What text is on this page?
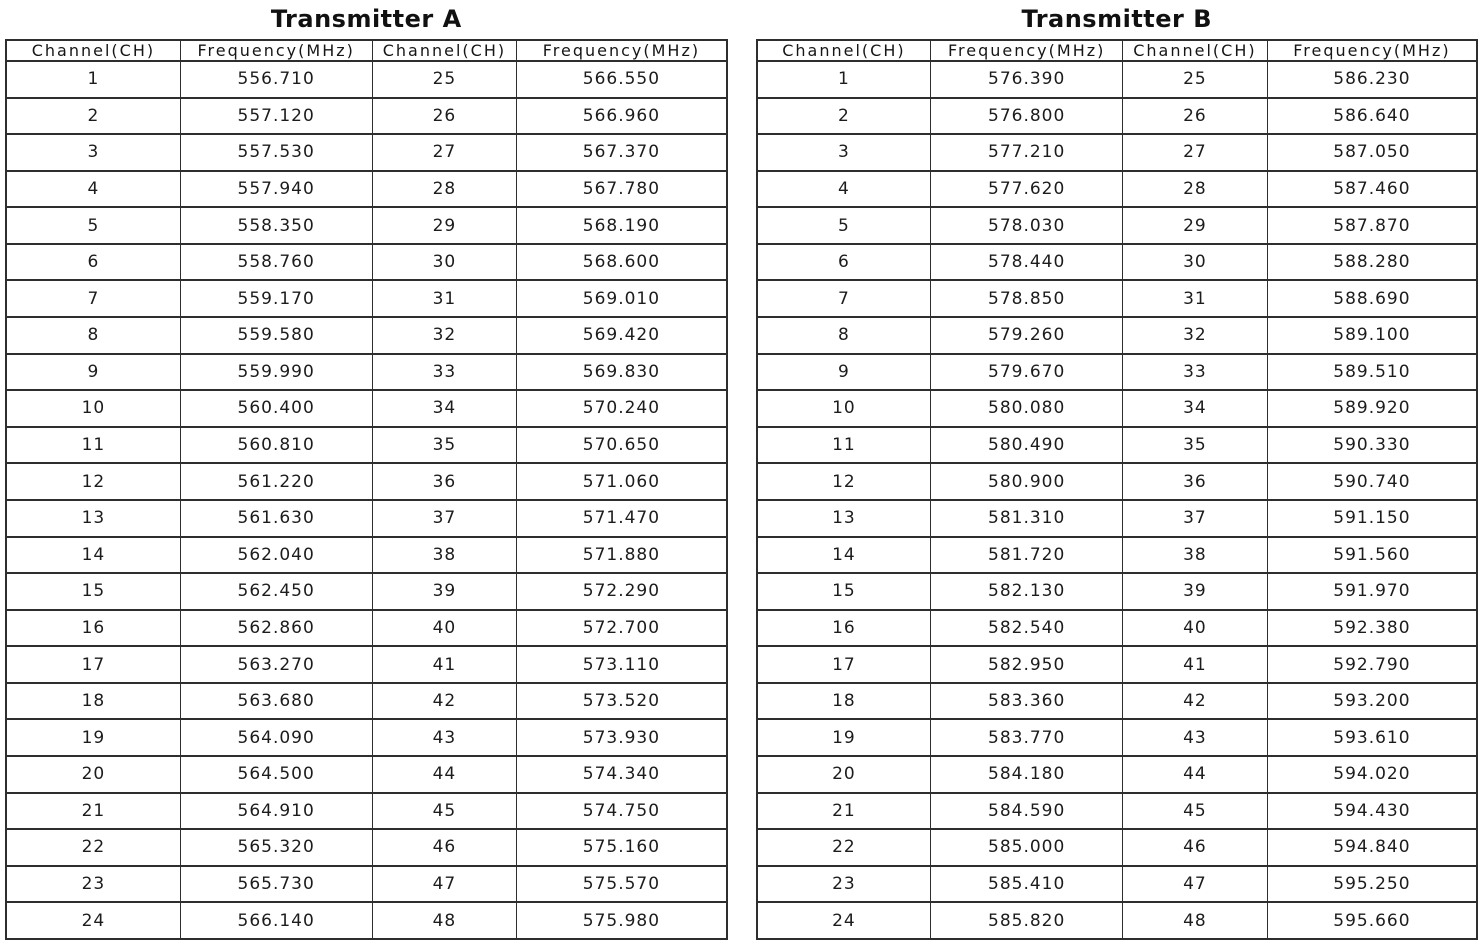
Transmitter A
Channel(CH)	Frequency(MHz)	Channel(CH)	Frequency(MHz)
1	556.710	25	566.550
2	557.120	26	566.960
3	557.530	27	567.370
4	557.940	28	567.780
5	558.350	29	568.190
6	558.760	30	568.600
7	559.170	31	569.010
8	559.580	32	569.420
9	559.990	33	569.830
10	560.400	34	570.240
11	560.810	35	570.650
12	561.220	36	571.060
13	561.630	37	571.470
14	562.040	38	571.880
15	562.450	39	572.290
16	562.860	40	572.700
17	563.270	41	573.110
18	563.680	42	573.520
19	564.090	43	573.930
20	564.500	44	574.340
21	564.910	45	574.750
22	565.320	46	575.160
23	565.730	47	575.570
24	566.140	48	575.980
Transmitter B
Channel(CH)	Frequency(MHz)	Channel(CH)	Frequency(MHz)
1	576.390	25	586.230
2	576.800	26	586.640
3	577.210	27	587.050
4	577.620	28	587.460
5	578.030	29	587.870
6	578.440	30	588.280
7	578.850	31	588.690
8	579.260	32	589.100
9	579.670	33	589.510
10	580.080	34	589.920
11	580.490	35	590.330
12	580.900	36	590.740
13	581.310	37	591.150
14	581.720	38	591.560
15	582.130	39	591.970
16	582.540	40	592.380
17	582.950	41	592.790
18	583.360	42	593.200
19	583.770	43	593.610
20	584.180	44	594.020
21	584.590	45	594.430
22	585.000	46	594.840
23	585.410	47	595.250
24	585.820	48	595.660
